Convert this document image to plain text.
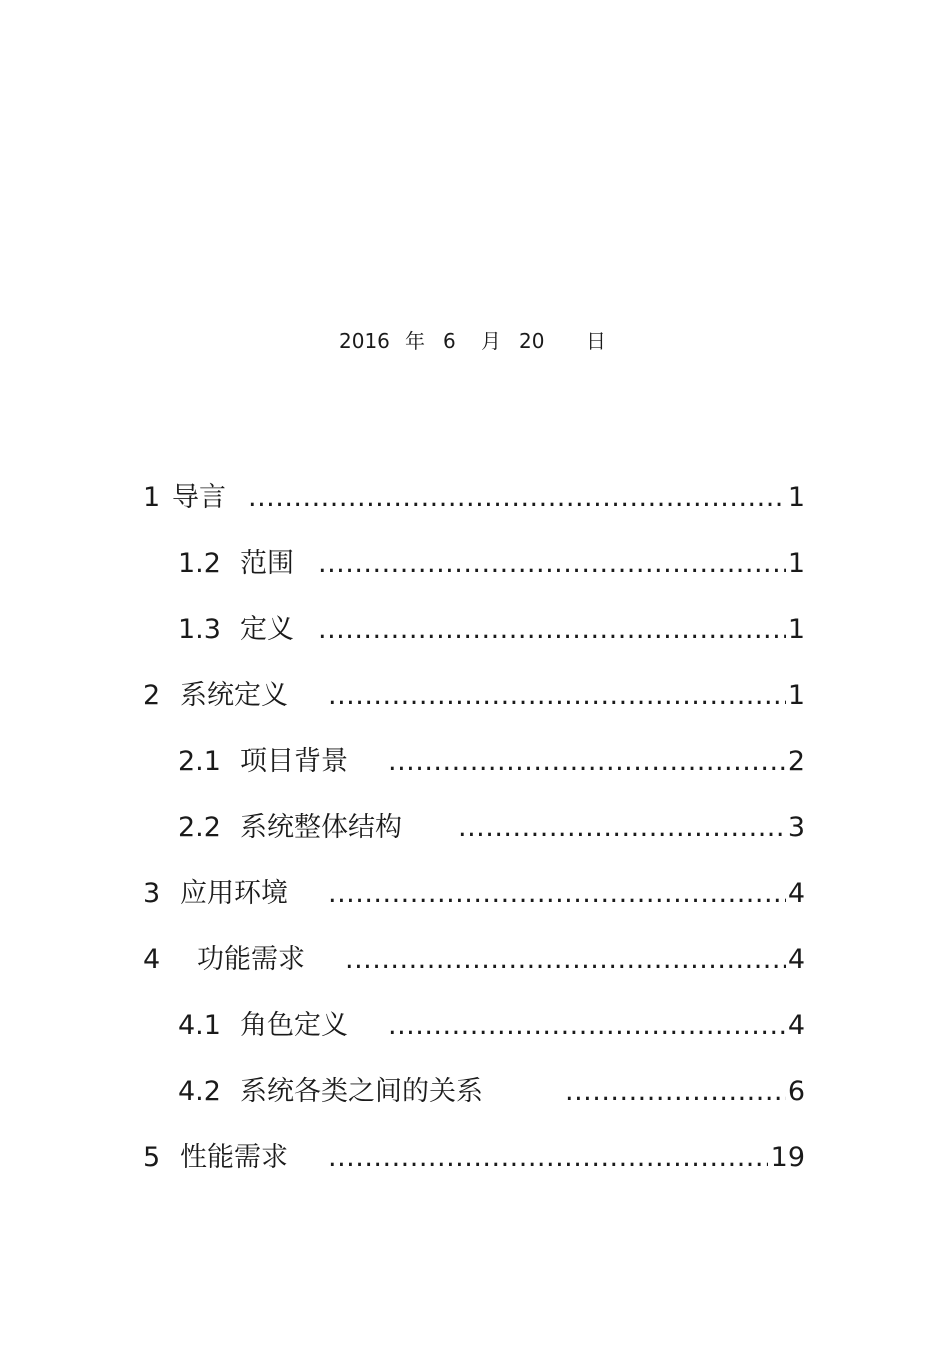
2016 年 6 月 20 日
1 导言 .....	1
1.2 范围 .....	1
1.3 定义 .....	1
2 系统定义 .....	1
2.1 项目背景 .....	2
2.2 系统整体结构 .....	3
3 应用环境 .....	4
4 功能需求 .....	4
4.1 角色定义 .....	4
4.2 系统各类之间的关系 .....	6
5 性能需求 .....	19
